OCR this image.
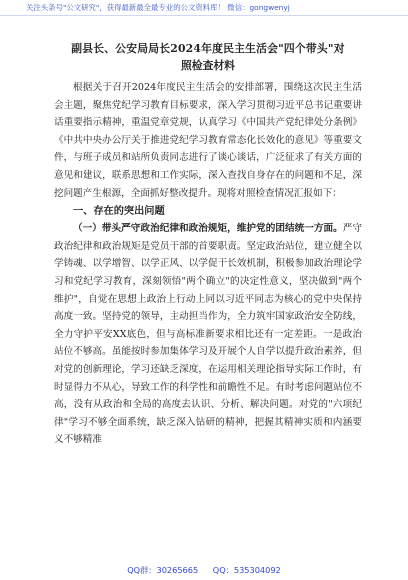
关注头条号"公文研究"，获得最新最全最专业的公文资料库！ 微信：gongwenyj

副县长、公安局局长2024年度民主生活会"四个带头"对

照检查材料

根据关于召开2024年度民主生活会的安排部署，围绕这次民主生活会主题，聚焦党纪学习教育目标要求，深入学习贯彻习近平总书记重要讲话重要指示精神，重温党章党规，认真学习《中国共产党纪律处分条例》《中共中央办公厅关于推进党纪学习教育常态化长效化的意见》等重要文件，与班子成员和站所负责同志进行了谈心谈话，广泛征求了有关方面的意见和建议，联系思想和工作实际，深入查找自身存在的问题和不足，深挖问题产生根源，全面抓好整改提升。现将对照检查情况汇报如下：

一、存在的突出问题

（一）带头严守政治纪律和政治规矩，维护党的团结统一方面。严守政治纪律和政治规矩是党员干部的首要职责。坚定政治站位，建立健全以学铸魂、以学增智、以学正风、以学促干长效机制，积极参加政治理论学习和党纪学习教育，深刻领悟"两个确立"的决定性意义，坚决做到"两个维护"，自觉在思想上政治上行动上同以习近平同志为核心的党中央保持高度一致。坚持党的领导，主动担当作为，全力筑牢国家政治安全防线，全力守护平安XX底色，但与高标准新要求相比还有一定差距。一是政治站位不够高。虽能按时参加集体学习及开展个人自学以提升政治素养，但对党的创新理论，学习还缺乏深度，在运用相关理论指导实际工作时，有时显得力不从心，导致工作的科学性和前瞻性不足。有时考虑问题站位不高，没有从政治和全局的高度去认识、分析、解决问题。对党的"六项纪律"学习不够全面系统，缺乏深入钻研的精神，把握其精神实质和内涵要义不够精准

QQ群：30265665 QQ：535304092
